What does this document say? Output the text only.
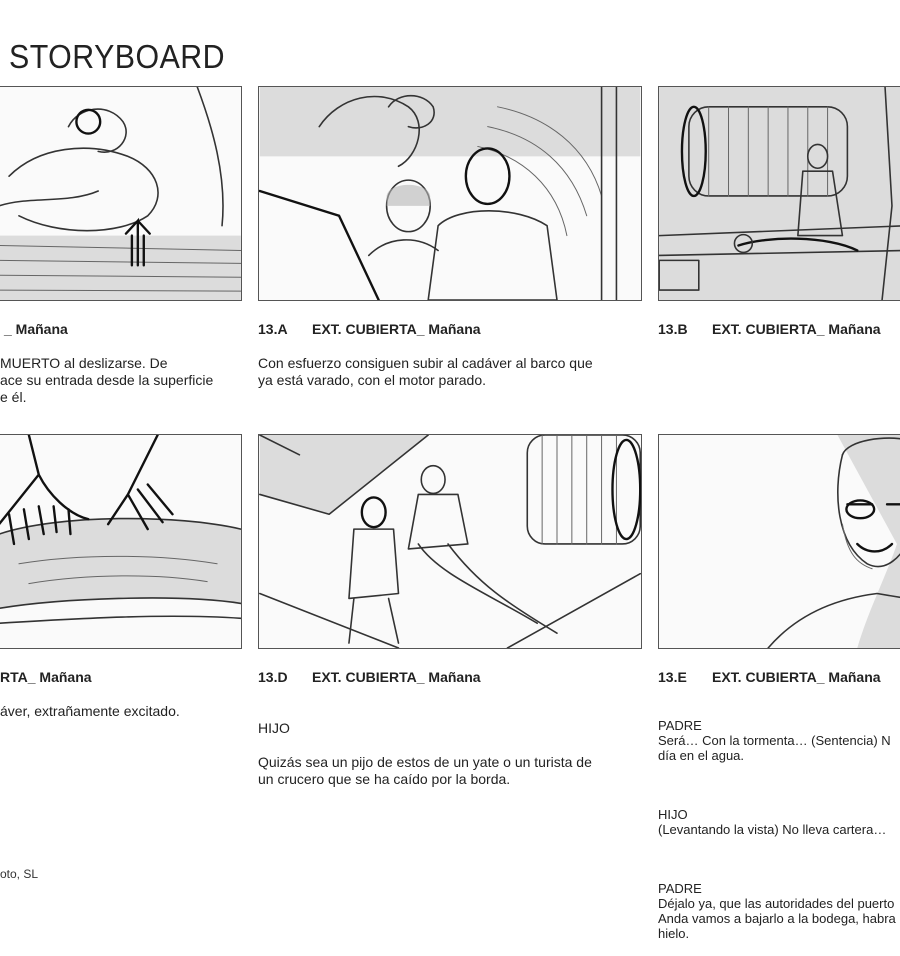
STORYBOARD
_ Mañana
MUERTO al deslizarse. De
ace su entrada desde la superficie
e él.
13.A EXT. CUBIERTA_ Mañana
Con esfuerzo consiguen subir al cadáver al barco que
ya está varado, con el motor parado.
13.B EXT. CUBIERTA_ Mañana
RTA_ Mañana
áver, extrañamente excitado.
13.D EXT. CUBIERTA_ Mañana

HIJO

Quizás sea un pijo de estos de un yate o un turista de
un crucero que se ha caído por la borda.

13.E EXT. CUBIERTA_ Mañana

PADRE
Será… Con la tormenta… (Sentencia) N
día en el agua.

HIJO
(Levantando la vista) No lleva cartera…

PADRE
Déjalo ya, que las autoridades del puerto
Anda vamos a bajarlo a la bodega, habra
hielo.

oto, SL
